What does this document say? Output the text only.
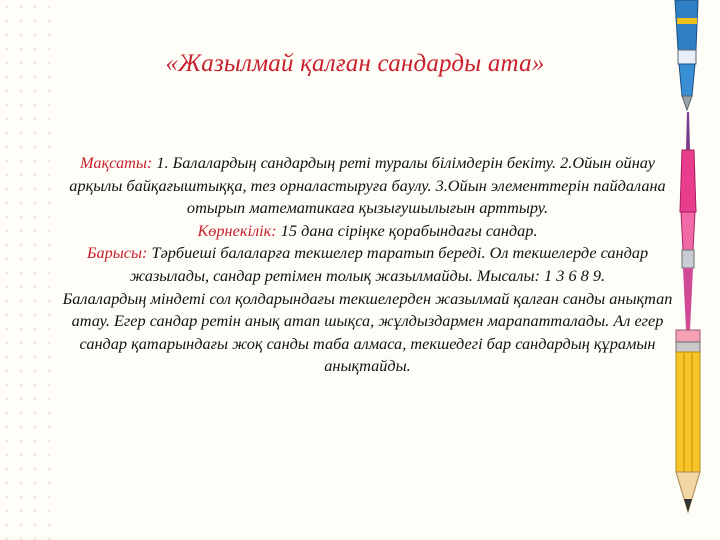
«Жазылмай қалған сандарды ата»
Мақсаты: 1. Балалардың сандардың реті туралы білімдерін бекіту. 2.Ойын ойнау арқылы байқағыштыққа, тез орналастыруға баулу. 3.Ойын элементтерін пайдалана отырып математикаға қызығушылығын арттыру.
Көрнекілік: 15 дана сіріңке қорабындағы сандар.
Барысы: Тәрбиеші балаларға текшелер таратып береді. Ол текшелерде сандар жазылады, сандар ретімен толық жазылмайды. Мысалы: 1 3 6 8 9.
Балалардың міндеті сол қолдарындағы текшелерден жазылмай қалған санды анықтап атау. Егер сандар ретін анық атап шықса, жұлдыздармен марапатталады. Ал егер сандар қатарындағы жоқ санды таба алмаса, текшедегі бар сандардың құрамын анықтайды.
